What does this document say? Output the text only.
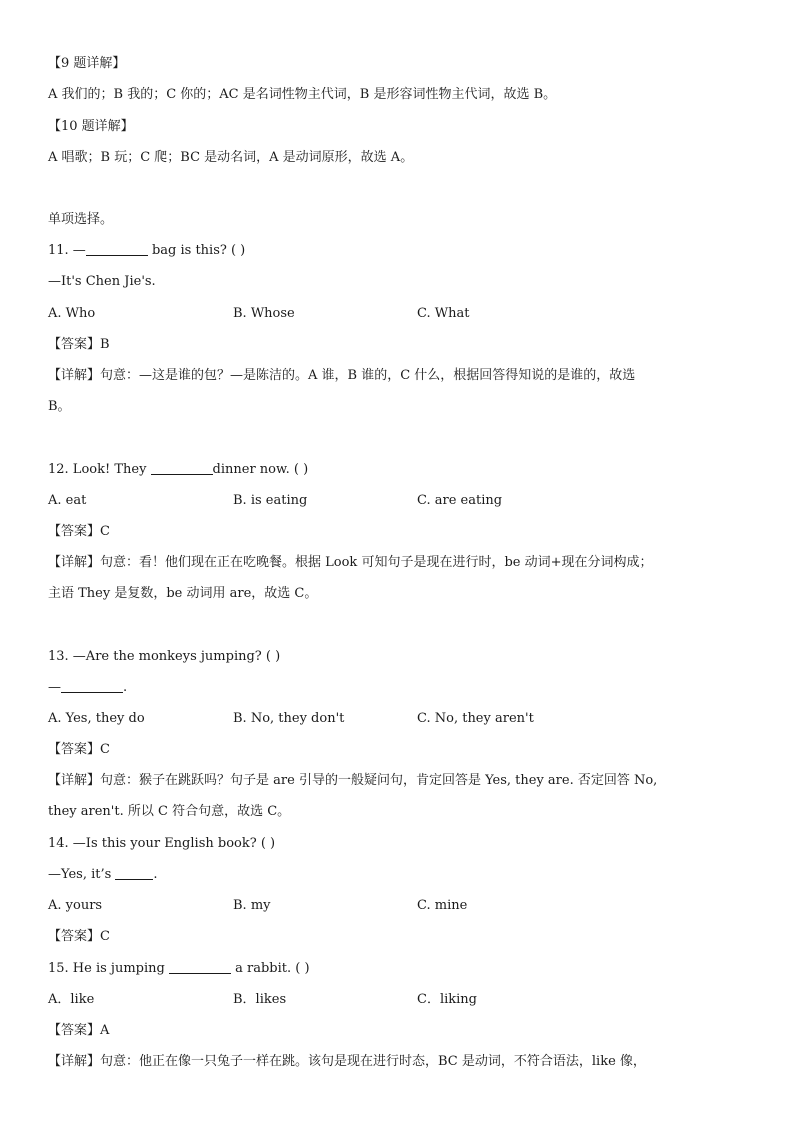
【9 题详解】
A 我们的；B 我的；C 你的；AC 是名词性物主代词，B 是形容词性物主代词，故选 B。
【10 题详解】
A 唱歌；B 玩；C 爬；BC 是动名词，A 是动词原形，故选 A。
单项选择。
11. —	bag is this? ( )
—It's Chen Jie's.
A. Who	B. Whose	C. What
【答案】B
【详解】句意：—这是谁的包？—是陈洁的。A 谁，B 谁的，C 什么，根据回答得知说的是谁的，故选
B。
12. Look! They	dinner now. ( )
A. eat	B. is eating	C. are eating
【答案】C
【详解】句意：看！他们现在正在吃晚餐。根据 Look 可知句子是现在进行时，be 动词+现在分词构成；
主语 They 是复数，be 动词用 are，故选 C。
13. —Are the monkeys jumping? ( )
—	.
A. Yes, they do	B. No, they don't	C. No, they aren't
【答案】C
【详解】句意：猴子在跳跃吗？句子是 are 引导的一般疑问句，肯定回答是 Yes, they are. 否定回答 No,
they aren't. 所以 C 符合句意，故选 C。
14. —Is this your English book? ( )
—Yes, it’s	.
A. yours	B. my	C. mine
【答案】C
15. He is jumping	a rabbit. ( )
A．like	B．likes	C．liking
【答案】A
【详解】句意：他正在像一只兔子一样在跳。该句是现在进行时态，BC 是动词，不符合语法，like 像，
